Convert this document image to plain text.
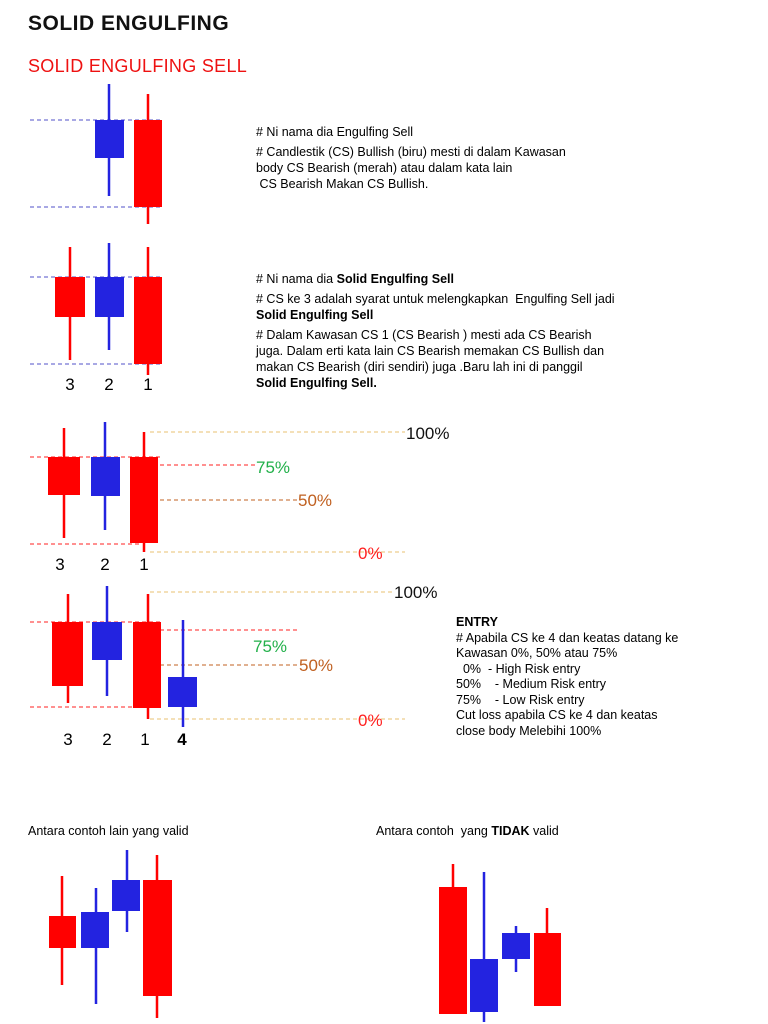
SOLID ENGULFING
SOLID ENGULFING SELL
3 2 1
100%
75%
50%
0%
3 2 1
100%
75%
50%
0%
3 2 1 4

# Ni nama dia Engulfing Sell

# Candlestik (CS) Bullish (biru) mesti di dalam Kawasan

body CS Bearish (merah) atau dalam kata lain

CS Bearish Makan CS Bullish.

# Ni nama dia Solid Engulfing Sell

# CS ke 3 adalah syarat untuk melengkapkan  Engulfing Sell jadi

Solid Engulfing Sell

# Dalam Kawasan CS 1 (CS Bearish ) mesti ada CS Bearish

juga. Dalam erti kata lain CS Bearish memakan CS Bullish dan

makan CS Bearish (diri sendiri) juga .Baru lah ini di panggil

Solid Engulfing Sell.

ENTRY
# Apabila CS ke 4 dan keatas datang ke
Kawasan 0%, 50% atau 75%
0%  - High Risk entry
50%    - Medium Risk entry
75%    - Low Risk entry
Cut loss apabila CS ke 4 dan keatas
close body Melebihi 100%
Antara contoh lain yang valid	Antara contoh  yang TIDAK valid
